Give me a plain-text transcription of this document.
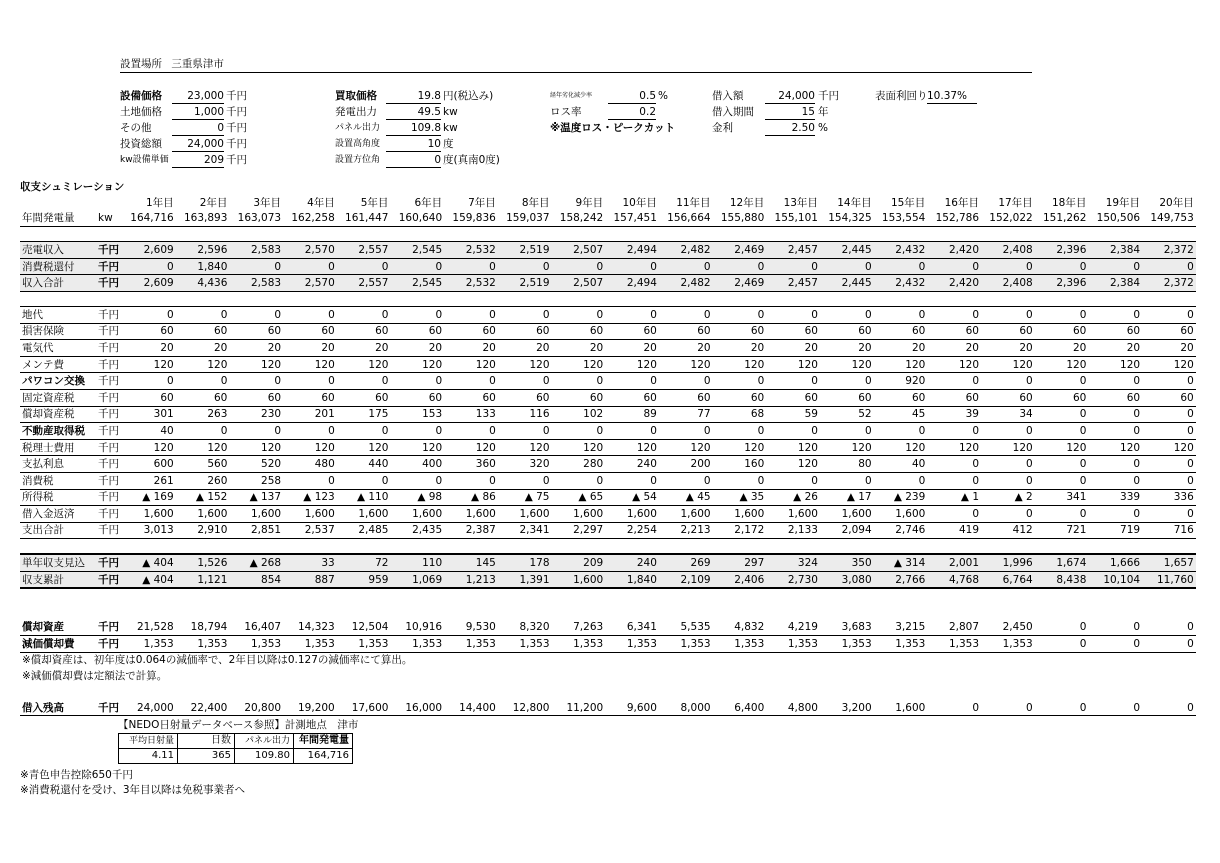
設置場所 三重県津市
設備価格	23,000 千円
土地価格	1,000 千円
その他	0 千円
投資総額	24,000 千円
kw設備単価	209 千円
買取価格	19.8 円(税込み)
発電出力	49.5 kw
パネル出力	109.8 kw
設置高角度	10 度
設置方位角	0 度(真南0度)
経年劣化減少率	0.5 %
ロス率	0.2
※温度ロス・ピークカット
借入額	24,000 千円
借入期間	15 年
金利	2.50 %
表面利回り 10.37%
収支シュミレーション
		1年目	2年目	3年目	4年目	5年目	6年目	7年目	8年目	9年目	10年目	11年目	12年目	13年目	14年目	15年目	16年目	17年目	18年目	19年目	20年目
年間発電量	kw	164,716	163,893	163,073	162,258	161,447	160,640	159,836	159,037	158,242	157,451	156,664	155,880	155,101	154,325	153,554	152,786	152,022	151,262	150,506	149,753

売電収入	千円	2,609	2,596	2,583	2,570	2,557	2,545	2,532	2,519	2,507	2,494	2,482	2,469	2,457	2,445	2,432	2,420	2,408	2,396	2,384	2,372
消費税還付	千円	0	1,840	0	0	0	0	0	0	0	0	0	0	0	0	0	0	0	0	0	0
収入合計	千円	2,609	4,436	2,583	2,570	2,557	2,545	2,532	2,519	2,507	2,494	2,482	2,469	2,457	2,445	2,432	2,420	2,408	2,396	2,384	2,372

地代	千円	0	0	0	0	0	0	0	0	0	0	0	0	0	0	0	0	0	0	0	0
損害保険	千円	60	60	60	60	60	60	60	60	60	60	60	60	60	60	60	60	60	60	60	60
電気代	千円	20	20	20	20	20	20	20	20	20	20	20	20	20	20	20	20	20	20	20	20
メンテ費	千円	120	120	120	120	120	120	120	120	120	120	120	120	120	120	120	120	120	120	120	120
パワコン交換	千円	0	0	0	0	0	0	0	0	0	0	0	0	0	0	920	0	0	0	0	0
固定資産税	千円	60	60	60	60	60	60	60	60	60	60	60	60	60	60	60	60	60	60	60	60
償却資産税	千円	301	263	230	201	175	153	133	116	102	89	77	68	59	52	45	39	34	0	0	0
不動産取得税	千円	40	0	0	0	0	0	0	0	0	0	0	0	0	0	0	0	0	0	0	0
税理士費用	千円	120	120	120	120	120	120	120	120	120	120	120	120	120	120	120	120	120	120	120	120
支払利息	千円	600	560	520	480	440	400	360	320	280	240	200	160	120	80	40	0	0	0	0	0
消費税	千円	261	260	258	0	0	0	0	0	0	0	0	0	0	0	0	0	0	0	0	0
所得税	千円	▲ 169	▲ 152	▲ 137	▲ 123	▲ 110	▲ 98	▲ 86	▲ 75	▲ 65	▲ 54	▲ 45	▲ 35	▲ 26	▲ 17	▲ 239	▲ 1	▲ 2	341	339	336
借入金返済	千円	1,600	1,600	1,600	1,600	1,600	1,600	1,600	1,600	1,600	1,600	1,600	1,600	1,600	1,600	1,600	0	0	0	0	0
支出合計	千円	3,013	2,910	2,851	2,537	2,485	2,435	2,387	2,341	2,297	2,254	2,213	2,172	2,133	2,094	2,746	419	412	721	719	716

単年収支見込	千円	▲ 404	1,526	▲ 268	33	72	110	145	178	209	240	269	297	324	350	▲ 314	2,001	1,996	1,674	1,666	1,657
収支累計	千円	▲ 404	1,121	854	887	959	1,069	1,213	1,391	1,600	1,840	2,109	2,406	2,730	3,080	2,766	4,768	6,764	8,438	10,104	11,760

償却資産	千円	21,528	18,794	16,407	14,323	12,504	10,916	9,530	8,320	7,263	6,341	5,535	4,832	4,219	3,683	3,215	2,807	2,450	0	0	0
減価償却費	千円	1,353	1,353	1,353	1,353	1,353	1,353	1,353	1,353	1,353	1,353	1,353	1,353	1,353	1,353	1,353	1,353	1,353	0	0	0
※償却資産は、初年度は0.064の減価率で、2年目以降は0.127の減価率にて算出。																					
※減価償却費は定額法で計算。																					

借入残高	千円	24,000	22,400	20,800	19,200	17,600	16,000	14,400	12,800	11,200	9,600	8,000	6,400	4,800	3,200	1,600	0	0	0	0	0
【NEDO日射量データベース参照】計測地点　津市
平均日射量	日数	パネル出力	年間発電量
4.11	365	109.80	164,716
※青色申告控除650千円
※消費税還付を受け、3年目以降は免税事業者へ
